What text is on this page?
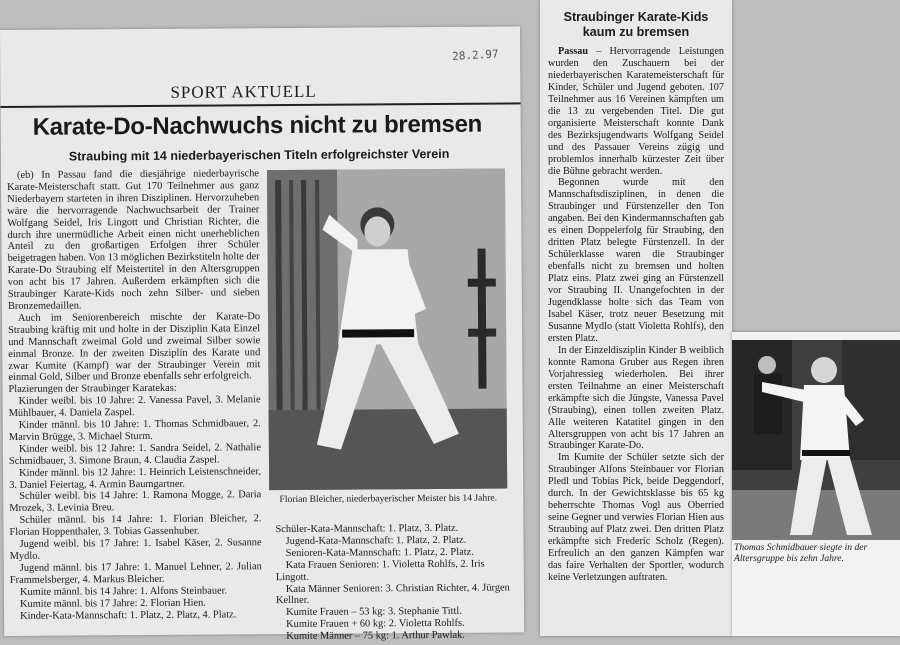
28.2.97
SPORT AKTUELL
Karate-Do-Nachwuchs nicht zu bremsen
Straubing mit 14 niederbayerischen Titeln erfolgreichster Verein

(eb) In Passau fand die diesjährige niederbayrische Karate-Meisterschaft statt. Gut 170 Teilnehmer aus ganz Niederbayern starteten in ihren Disziplinen. Hervorzuheben wäre die hervorragende Nachwuchsarbeit der Trainer Wolfgang Seidel, Iris Lingott und Christian Richter, die durch ihre unermüdliche Arbeit einen nicht unerheblichen Anteil zu den großartigen Erfolgen ihrer Schüler beigetragen haben. Von 13 möglichen Bezirkstiteln holte der Karate-Do Straubing elf Meistertitel in den Altersgruppen von acht bis 17 Jahren. Außerdem erkämpften sich die Straubinger Karate-Kids noch zehn Silber- und sieben Bronzemedaillen.

Auch im Seniorenbereich mischte der Karate-Do Straubing kräftig mit und holte in der Disziplin Kata Einzel und Mannschaft zweimal Gold und zweimal Silber sowie einmal Bronze. In der zweiten Disziplin des Karate und zwar Kumite (Kampf) war der Straubinger Verein mit einmal Gold, Silber und Bronze ebenfalls sehr erfolgreich.

Plazierungen der Straubinger Karatekas:

Kinder weibl. bis 10 Jahre: 2. Vanessa Pavel, 3. Melanie Mühlbauer, 4. Daniela Zaspel.

Kinder männl. bis 10 Jahre: 1. Thomas Schmidbauer, 2. Marvin Brügge, 3. Michael Sturm.

Kinder weibl. bis 12 Jahre: 1. Sandra Seidel, 2. Nathalie Schmidbauer, 3. Simone Braun, 4. Claudia Zaspel.

Kinder männl. bis 12 Jahre: 1. Heinrich Leistenschneider, 3. Daniel Feiertag, 4. Armin Baumgartner.

Schüler weibl. bis 14 Jahre: 1. Ramona Mogge, 2. Daria Mrozek, 3. Levinia Breu.

Schüler männl. bis 14 Jahre: 1. Florian Bleicher, 2. Florian Hoppenthaler, 3. Tobias Gassenhuber.

Jugend weibl. bis 17 Jahre: 1. Isabel Käser, 2. Susanne Mydlo.

Jugend männl. bis 17 Jahre: 1. Manuel Lehner, 2. Julian Frammelsberger, 4. Markus Bleicher.

Kumite männl. bis 14 Jahre: 1. Alfons Steinbauer.

Kumite männl. bis 17 Jahre: 2. Florian Hien.

Kinder-Kata-Mannschaft: 1. Platz, 2. Platz, 4. Platz.

Florian Bleicher, niederbayerischer Meister bis 14 Jahre.

Schüler-Kata-Mannschaft: 1. Platz, 3. Platz.

Jugend-Kata-Mannschaft: 1. Platz, 2. Platz.

Senioren-Kata-Mannschaft: 1. Platz, 2. Platz.

Kata Frauen Senioren: 1. Violetta Rohlfs, 2. Iris Lingott.

Kata Männer Senioren: 3. Christian Richter, 4. Jürgen Kellner.

Kumite Frauen – 53 kg: 3. Stephanie Tittl.

Kumite Frauen + 60 kg: 2. Violetta Rohlfs.

Kumite Männer – 75 kg: 1. Arthur Pawlak.

Straubinger Karate-Kids kaum zu bremsen

Passau – Hervorragende Leistungen wurden den Zuschauern bei der niederbayerischen Karatemeisterschaft für Kinder, Schüler und Jugend geboten. 107 Teilnehmer aus 16 Vereinen kämpften um die 13 zu vergebenden Titel. Die gut organisierte Meisterschaft konnte Dank des Bezirksjugendwarts Wolfgang Seidel und des Passauer Vereins zügig und problemlos innerhalb kürzester Zeit über die Bühne gebracht werden.

Begonnen wurde mit den Mannschaftsdisziplinen, in denen die Straubinger und Fürstenzeller den Ton angaben. Bei den Kindermannschaften gab es einen Doppelerfolg für Straubing, den dritten Platz belegte Fürstenzell. In der Schülerklasse waren die Straubinger ebenfalls nicht zu bremsen und holten Platz eins. Platz zwei ging an Fürstenzell vor Straubing II. Unangefochten in der Jugendklasse holte sich das Team von Isabel Käser, trotz neuer Besetzung mit Susanne Mydlo (statt Violetta Rohlfs), den ersten Platz.

In der Einzeldisziplin Kinder B weiblich konnte Ramona Gruber aus Regen ihren Vorjahressieg wiederholen. Bei ihrer ersten Teilnahme an einer Meisterschaft erkämpfte sich die Jüngste, Vanessa Pavel (Straubing), einen tollen zweiten Platz. Alle weiteren Katatitel gingen in den Altersgruppen von acht bis 17 Jahren an Straubinger Karate-Do.

Im Kumite der Schüler setzte sich der Straubinger Alfons Steinbauer vor Florian Pledl und Tobias Pick, beide Deggendorf, durch. In der Gewichtsklasse bis 65 kg beherrschte Thomas Vogl aus Oberried seine Gegner und verwies Florian Hien aus Straubing auf Platz zwei. Den dritten Platz erkämpfte sich Frederic Scholz (Regen). Erfreulich an den ganzen Kämpfen war das faire Verhalten der Sportler, wodurch keine Verletzungen auftraten.

Thomas Schmidbauer siegte in der Altersgruppe bis zehn Jahre.
